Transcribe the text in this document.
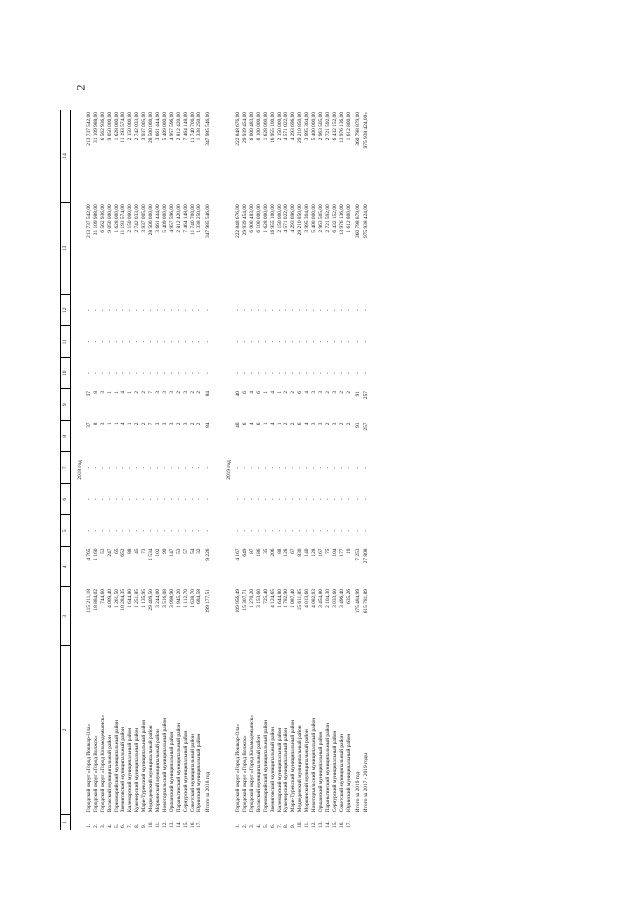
2
1	2	3	4	5	6	7	8	9	10	11	12	13	14
2018 год													
1.	Городской округ «Город Йошкар-Ола»	115 211,18	4 765	-	-	-	37	37	-	-	-	213 737 542,00	213 737 542,00
2.	Городской округ «Город Волжск»	18 884,02	1 160	-	-	-	8	8	-	-	-	31 109 988,00	31 109 988,00
3.	Городской округ «Город Козьмодемьянск»	744,60	53	-	-	-	3	3	-	-	-	6 562 936,00	6 562 936,00
4.	Волжский муниципальный район	4 009,40	247	-	-	-	1	1	-	-	-	9 050 000,00	9 050 000,00
5.	Горномарийский муниципальный район	1 261,50	65	-	-	-	1	1	-	-	-	1 628 000,00	1 628 000,00
6.	Звениговский муниципальный район	10 284,35	652	-	-	-	4	4	-	-	-	11 193 574,00	11 193 574,00
7.	Килемарский муниципальный район	1 644,80	88	-	-	-	1	1	-	-	-	2 150 000,00	2 150 000,00
8.	Куженерский муниципальный район	1 251,85	45	-	-	-	2	2	-	-	-	2 742 033,00	2 742 033,00
9.	Мари-Турекский муниципальный район	1 135,95	73	-	-	-	2	2	-	-	-	3 937 005,00	3 937 005,00
10.	Медведевский муниципальный район	29 409,50	1 534	-	-	-	7	7	-	-	-	28 500 000,00	28 500 000,00
11.	Моркинский муниципальный район	3 244,00	102	-	-	-	3	3	-	-	-	3 661 444,00	3 661 444,00
12.	Новоторъяльский муниципальный район	3 516,08	99	-	-	-	3	3	-	-	-	5 409 000,00	5 409 000,00
13.	Оршанский муниципальный район	3 098,90	147	-	-	-	3	3	-	-	-	4 957 596,00	4 957 596,00
14.	Параньгинский муниципальный район	1 945,20	53	-	-	-	2	2	-	-	-	2 812 420,00	2 812 420,00
15.	Сернурский муниципальный район	1 112,70	57	-	-	-	3	3	-	-	-	7 464 148,00	7 464 148,00
16.	Советский муниципальный район	1 638,70	54	-	-	-	2	2	-	-	-	11 740 700,00	11 740 700,00
17.	Юринский муниципальный район	684,58	32	-	-	-	2	2	-	-	-	1 338 250,00	1 338 250,00
	Итого за 2018 год	199 177,51	9 226	-	-	-	84	84	-	-	-	347 985 546,00	347 985 546,00

2019 год													
1.	Городской округ «Город Йошкар-Ола»	109 956,49	4 167	-	-	-	40	40	-	-	-	222 848 676,00	222 848 676,00
2.	Городской округ «Город Волжск»	15 307,71	649	-	-	-	6	6	-	-	-	29 939 454,00	29 939 454,00
3.	Городской округ «Город Козьмодемьянск»	1 270,20	87	-	-	-	4	4	-	-	-	6 000 483,00	6 000 483,00
4.	Волжский муниципальный район	3 153,60	186	-	-	-	6	6	-	-	-	6 100 000,00	6 100 000,00
5.	Горномарийский муниципальный район	725,40	35	-	-	-	1	1	-	-	-	1 628 000,00	1 628 000,00
6.	Звениговский муниципальный район	4 124,65	206	-	-	-	4	4	-	-	-	16 955 100,00	16 955 100,00
7.	Килемарский муниципальный район	1 644,80	88	-	-	-	1	1	-	-	-	2 150 000,00	2 150 000,00
8.	Куженерский муниципальный район	1 782,90	128	-	-	-	2	2	-	-	-	4 571 022,00	4 571 022,00
9.	Мари-Турекский муниципальный район	1 087,40	67	-	-	-	2	2	-	-	-	4 293 696,00	4 293 696,00
10.	Медведевский муниципальный район	15 611,85	830	-	-	-	6	6	-	-	-	29 210 850,00	29 210 850,00
11.	Моркинский муниципальный район	4 013,60	140	-	-	-	4	4	-	-	-	3 995 304,00	3 995 304,00
12.	Новоторъяльский муниципальный район	4 082,03	128	-	-	-	3	3	-	-	-	5 400 000,00	5 400 000,00
13.	Оршанский муниципальный район	3 454,80	167	-	-	-	3	3	-	-	-	2 963 505,00	2 963 505,00
14.	Параньгинский муниципальный район	2 104,30	75	-	-	-	2	2	-	-	-	2 721 592,00	2 721 592,00
15.	Сернурский муниципальный район	3 033,60	104	-	-	-	3	3	-	-	-	6 432 152,00	6 432 152,00
16.	Советский муниципальный район	3 496,40	177	-	-	-	2	2	-	-	-	13 976 136,00	13 976 136,00
17.	Юринский муниципальный район	635,26	19	-	-	-	2	2	-	-	-	1 612 800,00	1 612 800,00
	Итого за 2019 год	175 484,99	7 253	-	-	-	91	91	-	-	-	360 798 879,00	360 798 879,00
	Итого за 2017 - 2019 годы	615 781,89	27 808	-	-	-	257	257	-	-	-	975 938 424,00	975 938 424,00»
